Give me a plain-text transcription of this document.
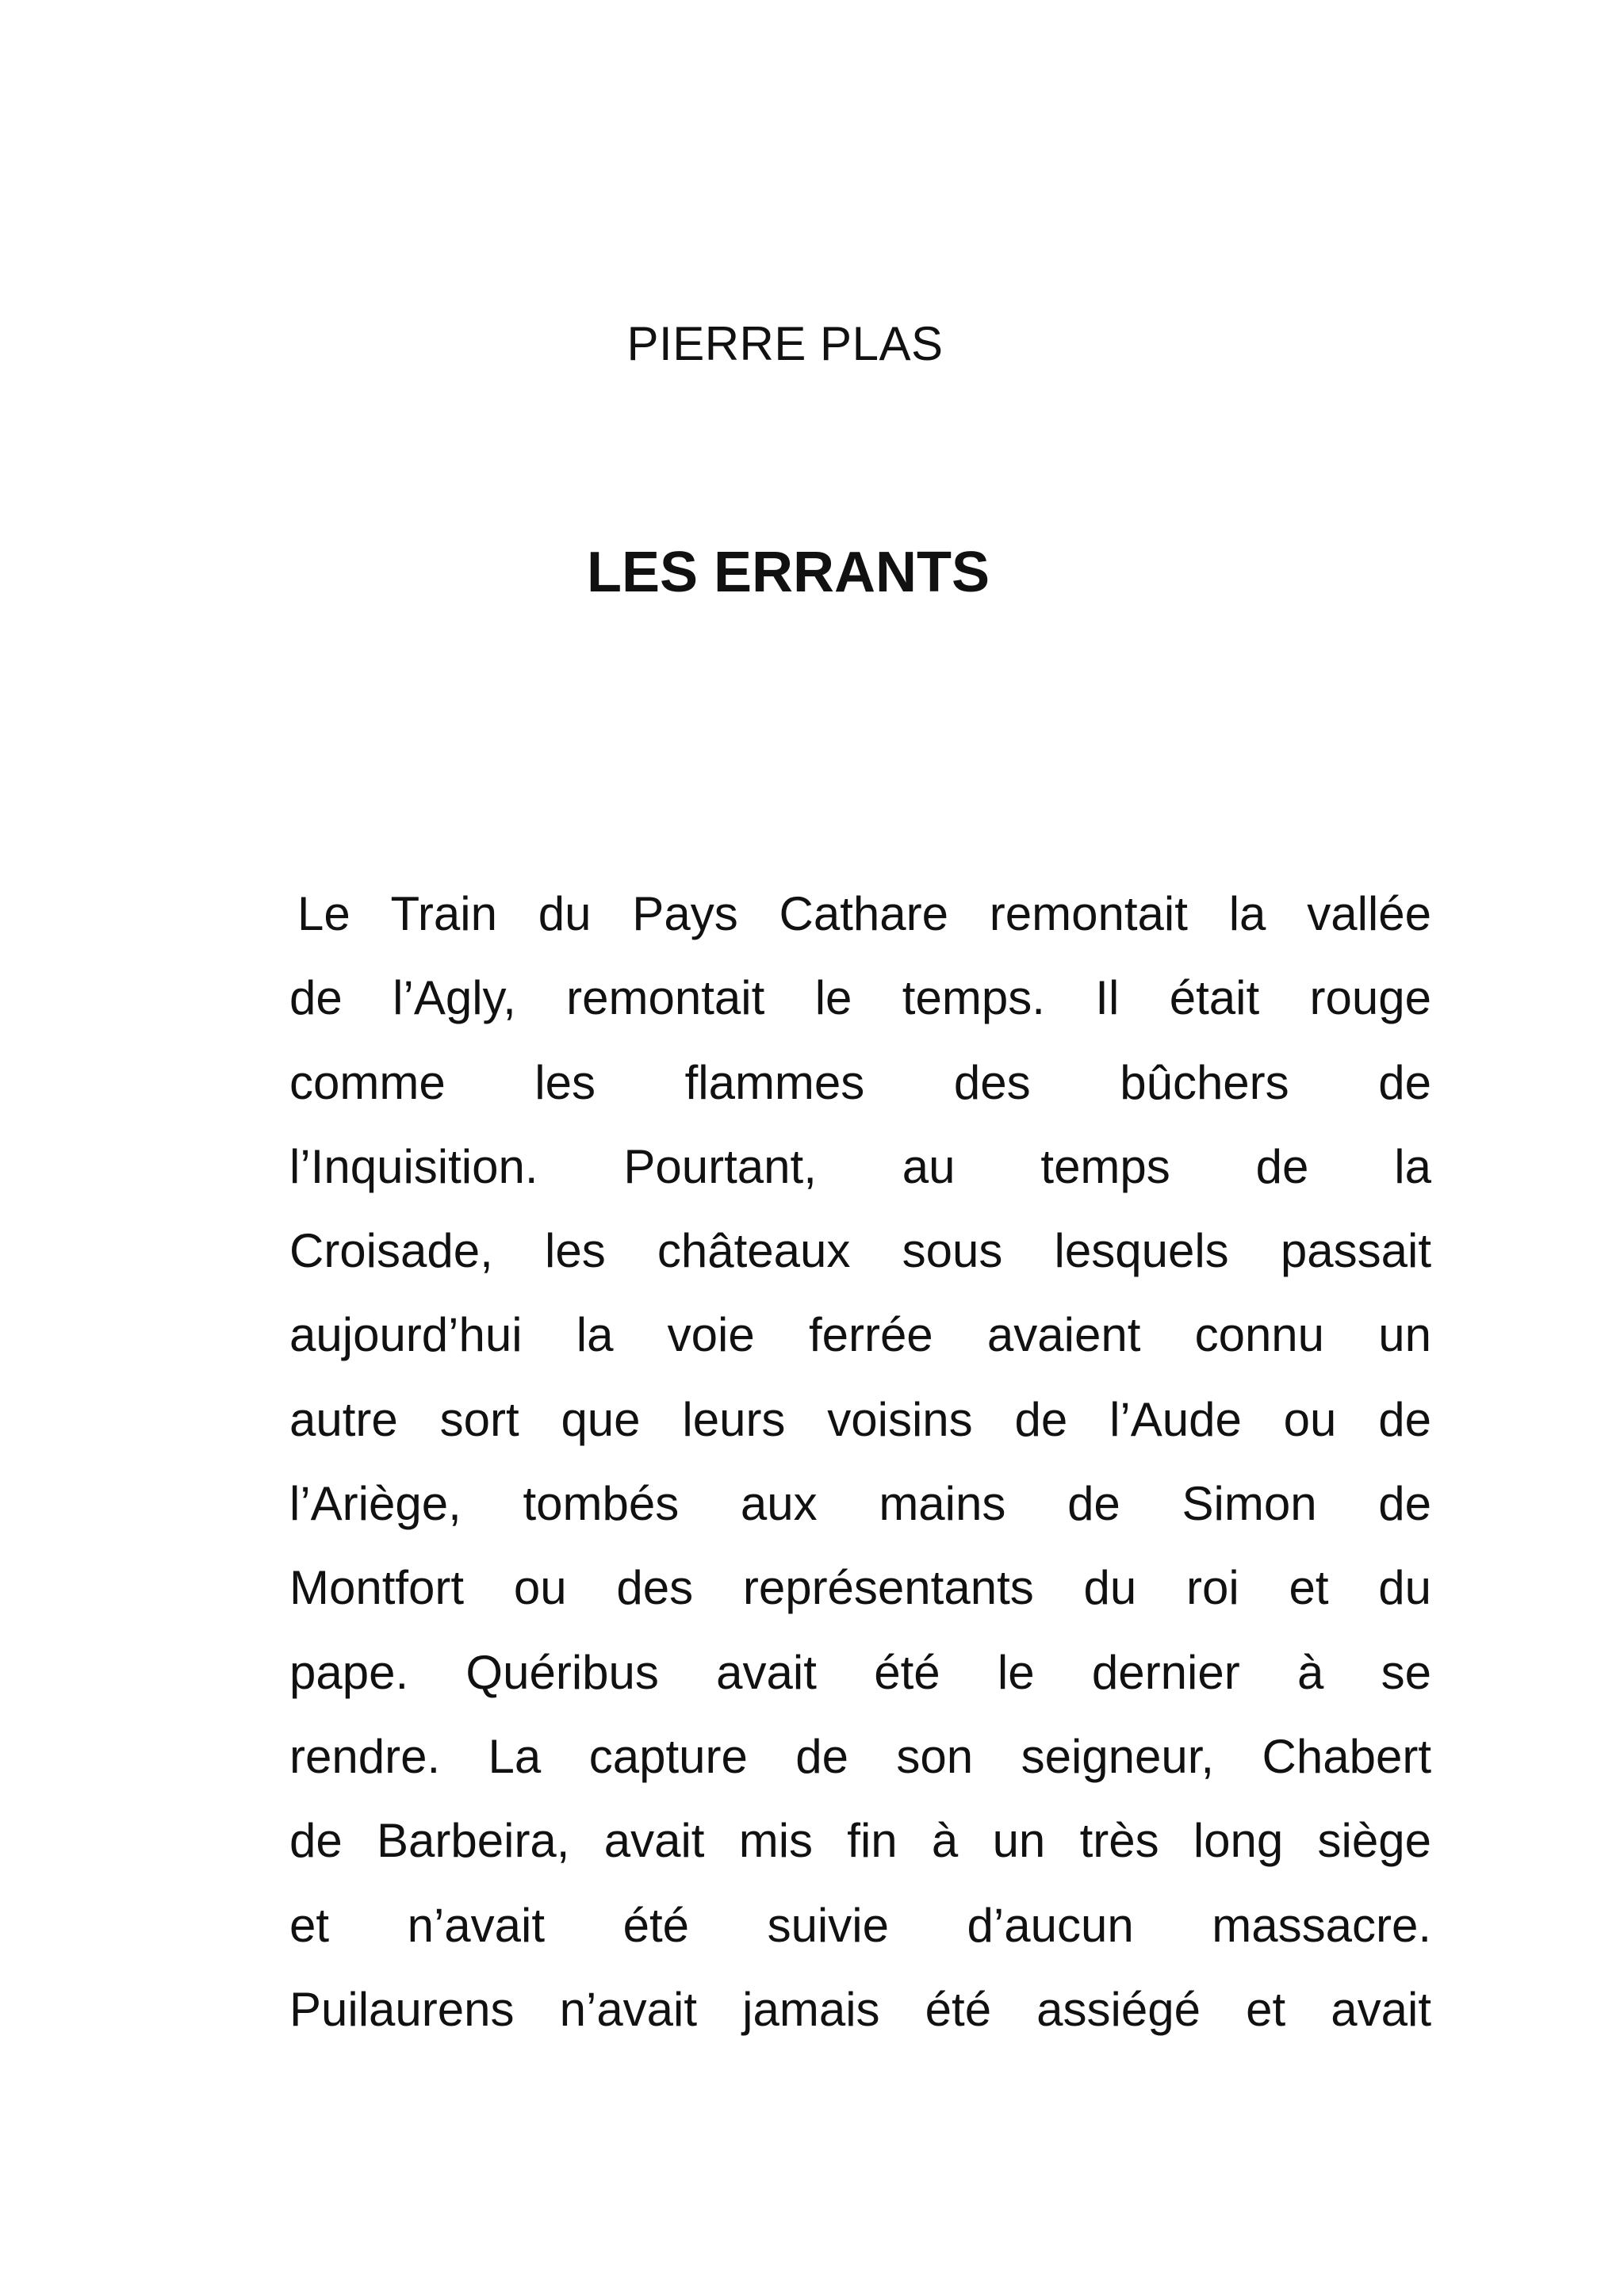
PIERRE PLAS
LES ERRANTS
Le Train du Pays Cathare remontait la vallée
de l’Agly, remontait le temps. Il était rouge
comme les flammes des bûchers de
l’Inquisition. Pourtant, au temps de la
Croisade, les châteaux sous lesquels passait
aujourd’hui la voie ferrée avaient connu un
autre sort que leurs voisins de l’Aude ou de
l’Ariège, tombés aux mains de Simon de
Montfort ou des représentants du roi et du
pape. Quéribus avait été le dernier à se
rendre. La capture de son seigneur, Chabert
de Barbeira, avait mis fin à un très long siège
et n’avait été suivie d’aucun massacre.
Puilaurens n’avait jamais été assiégé et avait
